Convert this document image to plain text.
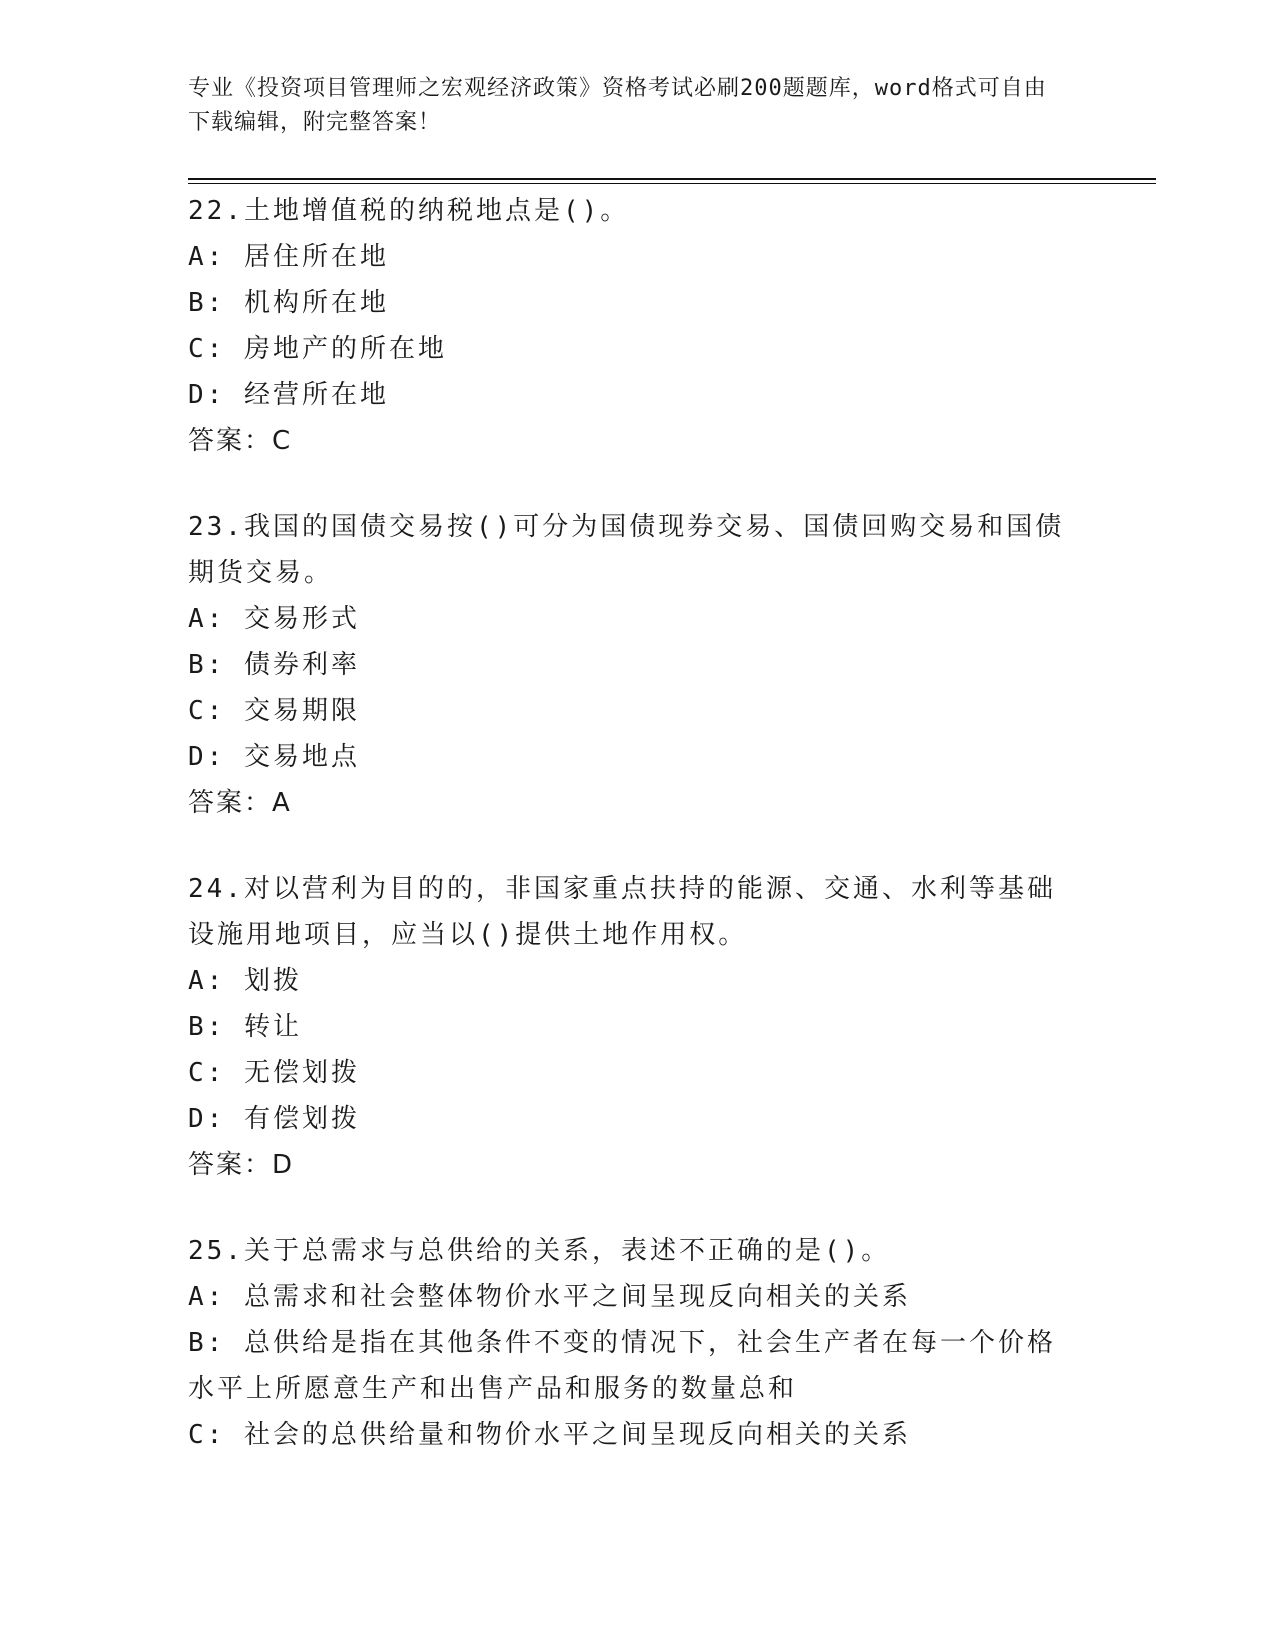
专业《投资项目管理师之宏观经济政策》资格考试必刷200题题库，word格式可自由下载编辑，附完整答案！
22.土地增值税的纳税地点是()。
A: 居住所在地
B: 机构所在地
C: 房地产的所在地
D: 经营所在地
答案：C
23.我国的国债交易按()可分为国债现券交易、国债回购交易和国债期货交易。
A: 交易形式
B: 债券利率
C: 交易期限
D: 交易地点
答案：A
24.对以营利为目的的，非国家重点扶持的能源、交通、水利等基础设施用地项目，应当以()提供土地作用权。
A: 划拨
B: 转让
C: 无偿划拨
D: 有偿划拨
答案：D
25.关于总需求与总供给的关系，表述不正确的是()。
A: 总需求和社会整体物价水平之间呈现反向相关的关系
B: 总供给是指在其他条件不变的情况下，社会生产者在每一个价格水平上所愿意生产和出售产品和服务的数量总和
C: 社会的总供给量和物价水平之间呈现反向相关的关系
